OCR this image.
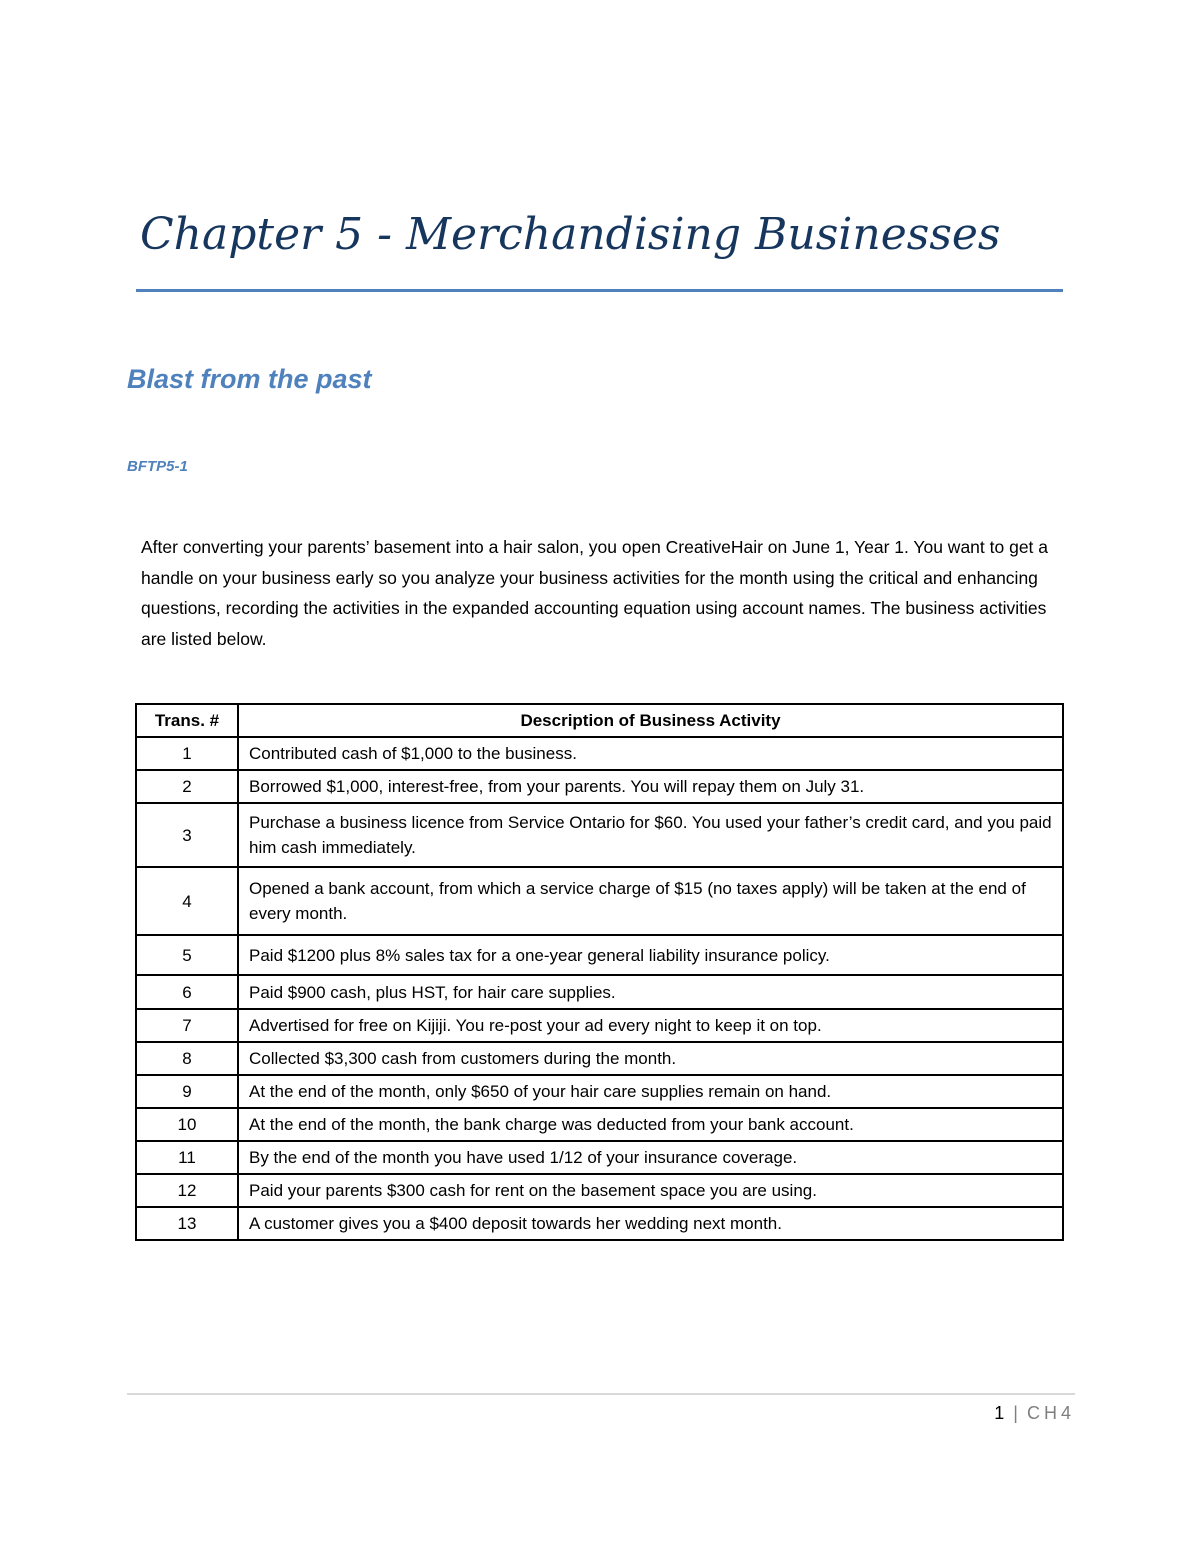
Chapter 5 - Merchandising Businesses
Blast from the past
BFTP5-1

After converting your parents’ basement into a hair salon, you open CreativeHair on June 1, Year 1. You want to get a handle on your business early so you analyze your business activities for the month using the critical and enhancing questions, recording the activities in the expanded accounting equation using account names. The business activities are listed below.

Trans. #	Description of Business Activity
1	Contributed cash of $1,000 to the business.
2	Borrowed $1,000, interest-free, from your parents. You will repay them on July 31.
3	Purchase a business licence from Service Ontario for $60. You used your father’s credit card, and you paid him cash immediately.
4	Opened a bank account, from which a service charge of $15 (no taxes apply) will be taken at the end of every month.
5	Paid $1200 plus 8% sales tax for a one-year general liability insurance policy.
6	Paid $900 cash, plus HST, for hair care supplies.
7	Advertised for free on Kijiji. You re-post your ad every night to keep it on top.
8	Collected $3,300 cash from customers during the month.
9	At the end of the month, only $650 of your hair care supplies remain on hand.
10	At the end of the month, the bank charge was deducted from your bank account.
11	By the end of the month you have used 1/12 of your insurance coverage.
12	Paid your parents $300 cash for rent on the basement space you are using.
13	A customer gives you a $400 deposit towards her wedding next month.
1 | CH4
